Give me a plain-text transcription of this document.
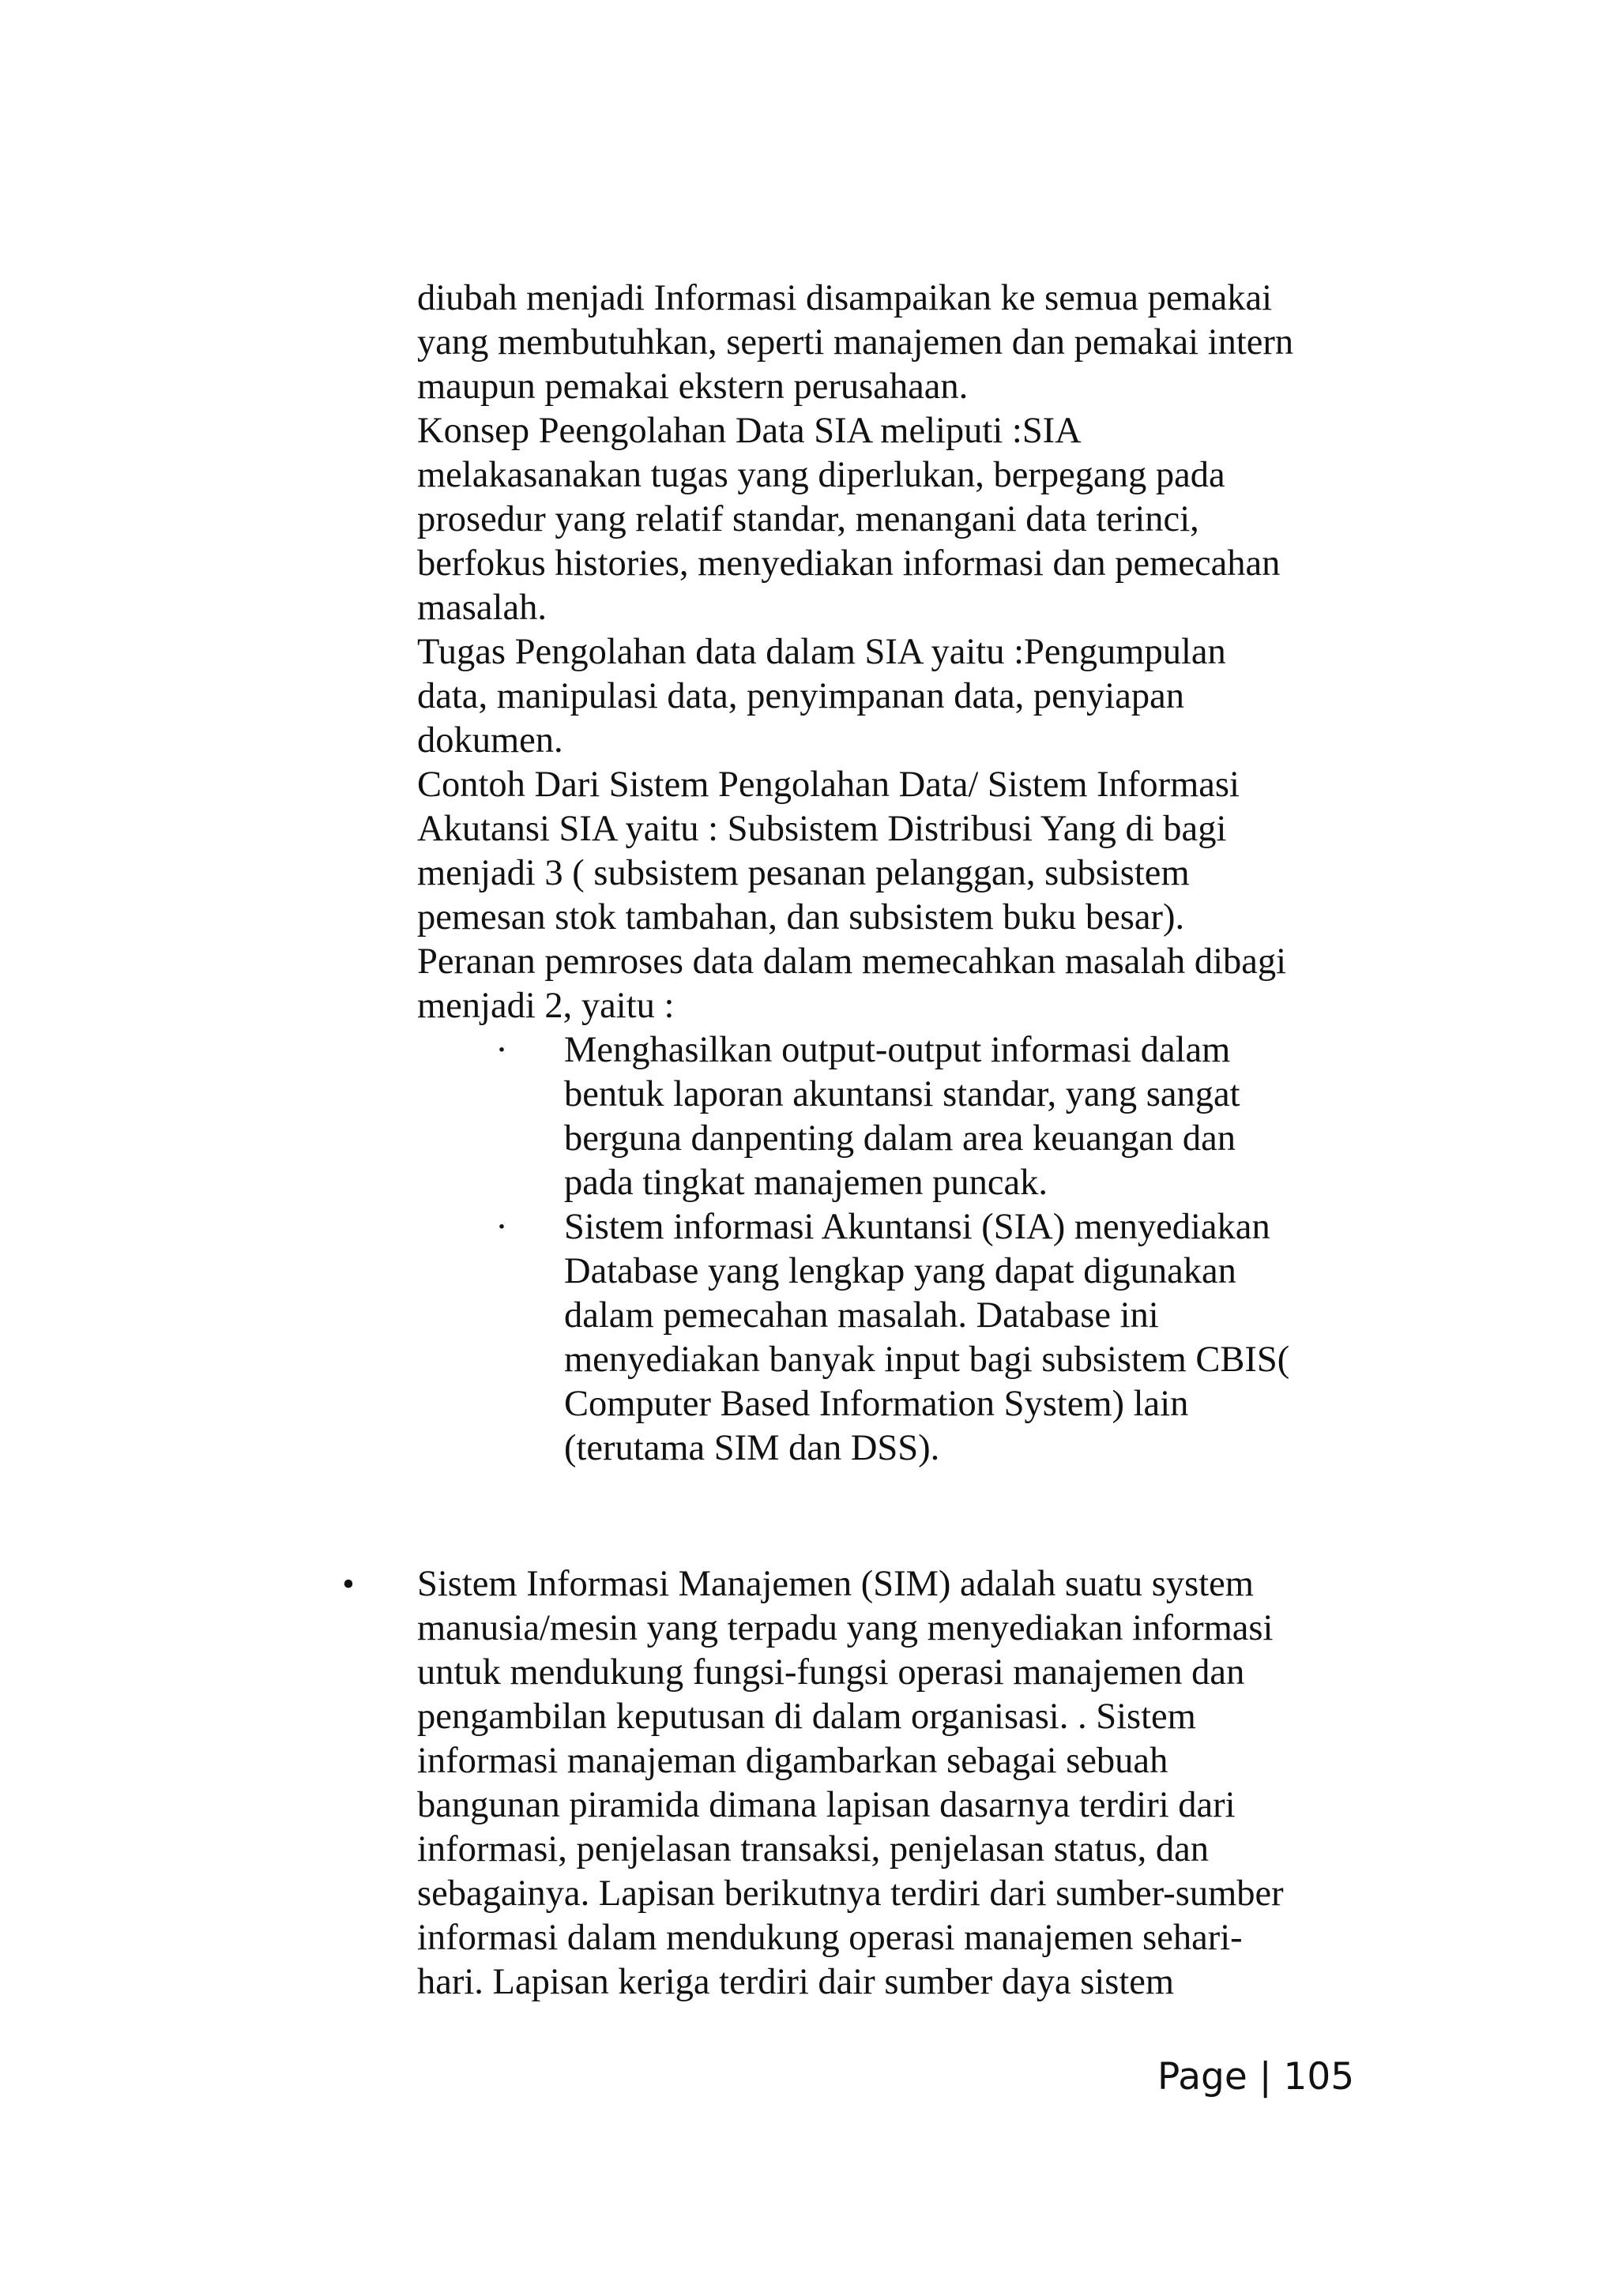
diubah menjadi Informasi disampaikan ke semua pemakai
yang membutuhkan, seperti manajemen dan pemakai intern
maupun pemakai ekstern perusahaan.
Konsep Peengolahan Data SIA meliputi :SIA
melakasanakan tugas yang diperlukan, berpegang pada
prosedur yang relatif standar, menangani data terinci,
berfokus histories, menyediakan informasi dan pemecahan
masalah.
Tugas Pengolahan data dalam SIA yaitu :Pengumpulan
data, manipulasi data, penyimpanan data, penyiapan
dokumen.
Contoh Dari Sistem Pengolahan Data/ Sistem Informasi
Akutansi SIA yaitu : Subsistem Distribusi Yang di bagi
menjadi 3 ( subsistem pesanan pelanggan, subsistem
pemesan stok tambahan, dan subsistem buku besar).
Peranan pemroses data dalam memecahkan masalah dibagi
menjadi 2, yaitu :
· Menghasilkan output-output informasi dalam
bentuk laporan akuntansi standar, yang sangat
berguna danpenting dalam area keuangan dan
pada tingkat manajemen puncak.
· Sistem informasi Akuntansi (SIA) menyediakan
Database yang lengkap yang dapat digunakan
dalam pemecahan masalah. Database ini
menyediakan banyak input bagi subsistem CBIS(
Computer Based Information System) lain
(terutama SIM dan DSS).
• Sistem Informasi Manajemen (SIM) adalah suatu system
manusia/mesin yang terpadu yang menyediakan informasi
untuk mendukung fungsi-fungsi operasi manajemen dan
pengambilan keputusan di dalam organisasi. . Sistem
informasi manajeman digambarkan sebagai sebuah
bangunan piramida dimana lapisan dasarnya terdiri dari
informasi, penjelasan transaksi, penjelasan status, dan
sebagainya. Lapisan berikutnya terdiri dari sumber-sumber
informasi dalam mendukung operasi manajemen sehari-
hari. Lapisan keriga terdiri dair sumber daya sistem
Page | 105
